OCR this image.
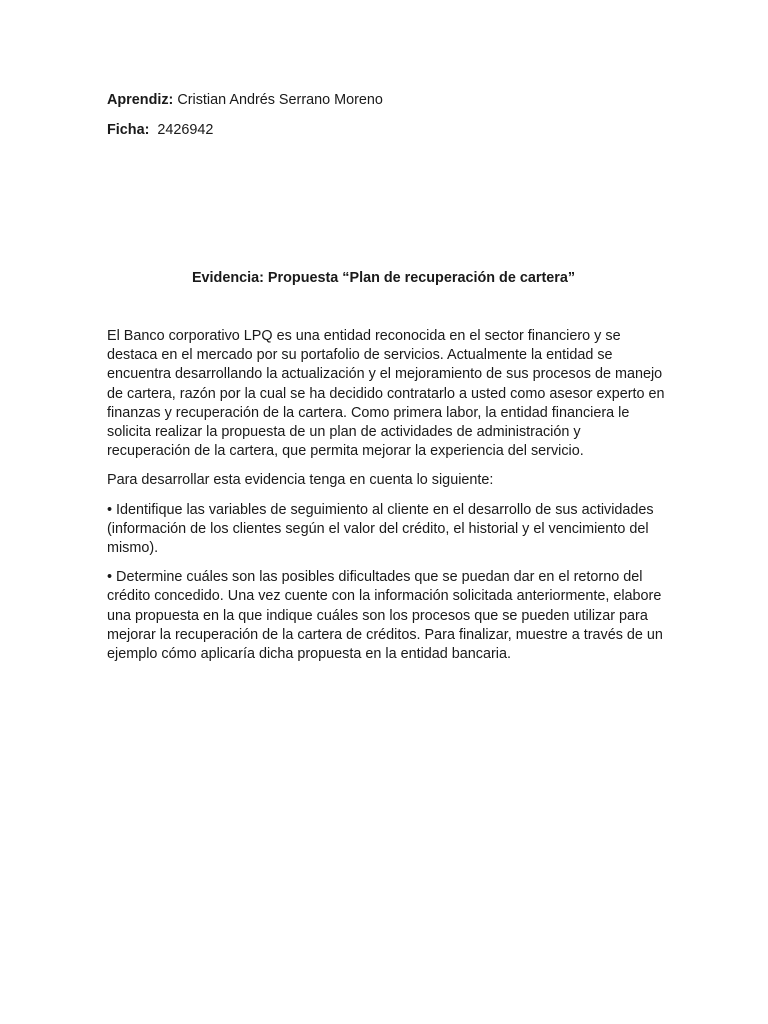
Aprendiz: Cristian Andrés Serrano Moreno
Ficha: 2426942
Evidencia: Propuesta “Plan de recuperación de cartera”

El Banco corporativo LPQ es una entidad reconocida en el sector financiero y se destaca en el mercado por su portafolio de servicios. Actualmente la entidad se encuentra desarrollando la actualización y el mejoramiento de sus procesos de manejo de cartera, razón por la cual se ha decidido contratarlo a usted como asesor experto en finanzas y recuperación de la cartera. Como primera labor, la entidad financiera le solicita realizar la propuesta de un plan de actividades de administración y recuperación de la cartera, que permita mejorar la experiencia del servicio.

Para desarrollar esta evidencia tenga en cuenta lo siguiente:

• Identifique las variables de seguimiento al cliente en el desarrollo de sus actividades (información de los clientes según el valor del crédito, el historial y el vencimiento del mismo).

• Determine cuáles son las posibles dificultades que se puedan dar en el retorno del crédito concedido. Una vez cuente con la información solicitada anteriormente, elabore una propuesta en la que indique cuáles son los procesos que se pueden utilizar para mejorar la recuperación de la cartera de créditos. Para finalizar, muestre a través de un ejemplo cómo aplicaría dicha propuesta en la entidad bancaria.
